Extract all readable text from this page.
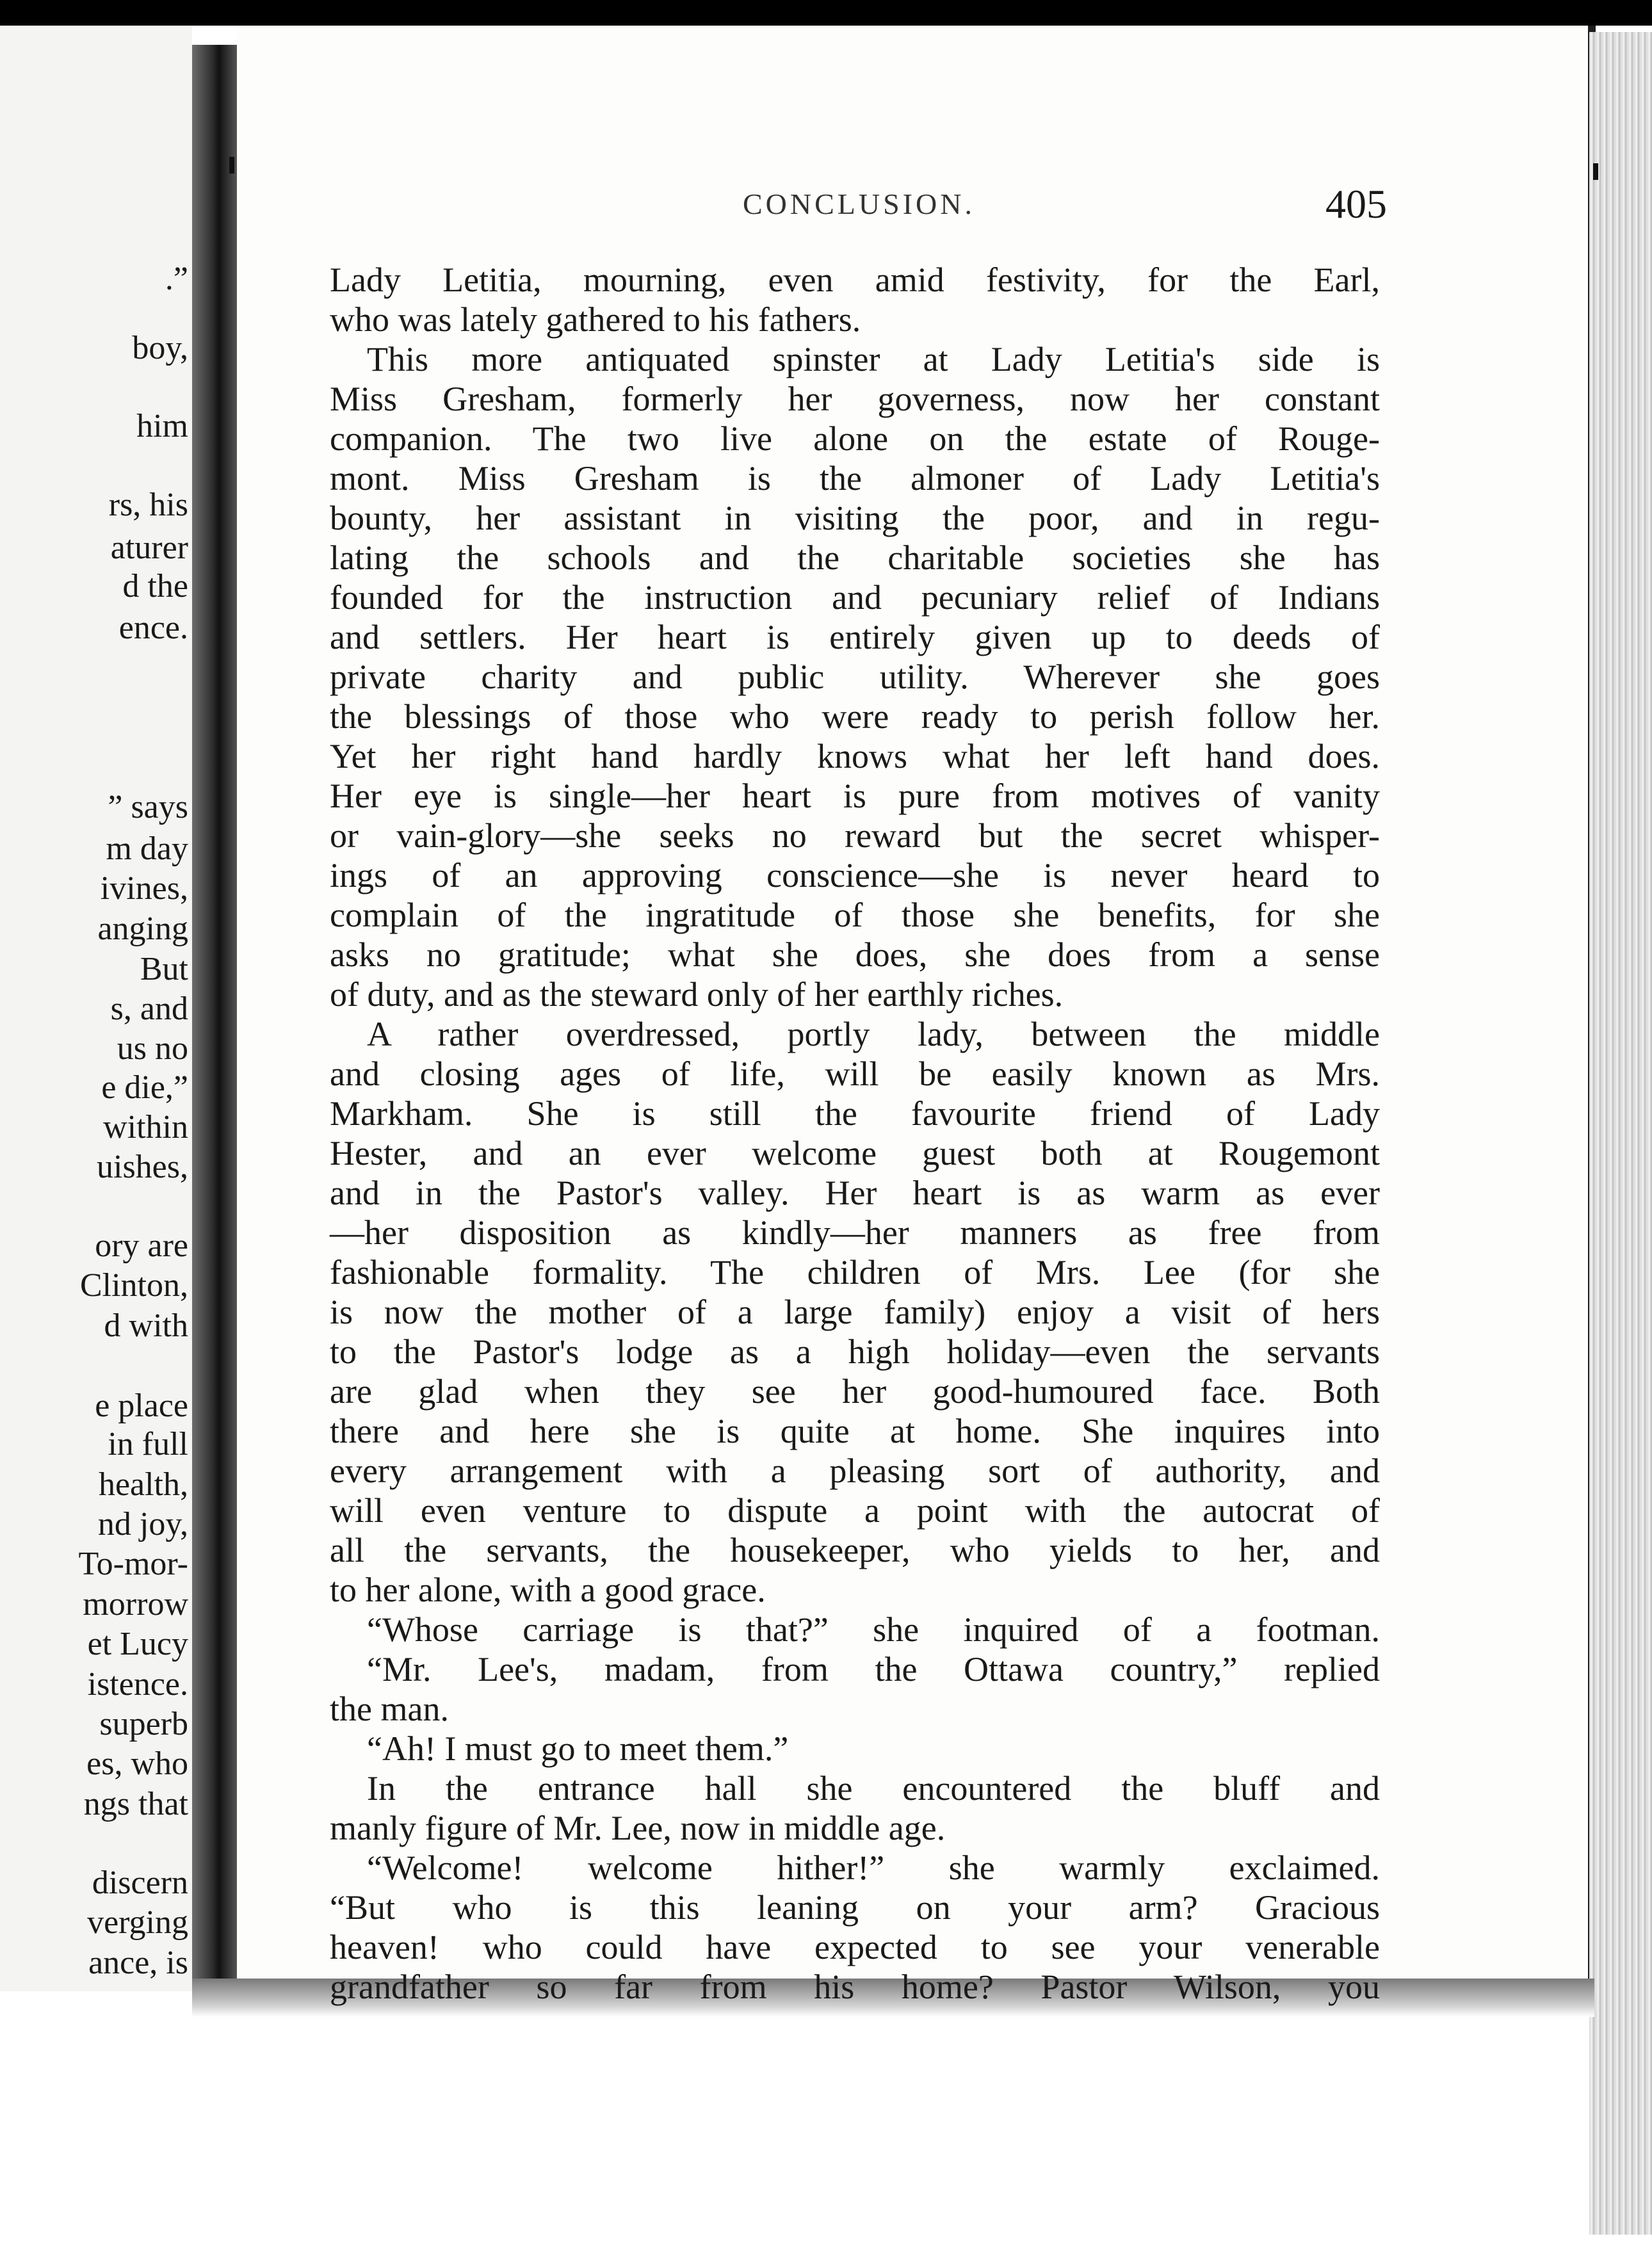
.”

boy,

him

rs, his

aturer

d the

ence.

” says

m day

ivines,

anging

But

s, and

us no

e die,”

within

uishes,

ory are

Clinton,

d with

e place

in full

health,

nd joy,

To-mor-

morrow

et Lucy

istence.

superb

es, who

ngs that

discern

verging

ance, is

CONCLUSION.	405

Lady Letitia, mourning, even amid festivity, for the Earl,

who was lately gathered to his fathers.

This more antiquated spinster at Lady Letitia's side is

Miss Gresham, formerly her governess, now her constant

companion. The two live alone on the estate of Rouge-

mont. Miss Gresham is the almoner of Lady Letitia's

bounty, her assistant in visiting the poor, and in regu-

lating the schools and the charitable societies she has

founded for the instruction and pecuniary relief of Indians

and settlers. Her heart is entirely given up to deeds of

private charity and public utility. Wherever she goes

the blessings of those who were ready to perish follow her.

Yet her right hand hardly knows what her left hand does.

Her eye is single—her heart is pure from motives of vanity

or vain-glory—she seeks no reward but the secret whisper-

ings of an approving conscience—she is never heard to

complain of the ingratitude of those she benefits, for she

asks no gratitude; what she does, she does from a sense

of duty, and as the steward only of her earthly riches.

A rather overdressed, portly lady, between the middle

and closing ages of life, will be easily known as Mrs.

Markham. She is still the favourite friend of Lady

Hester, and an ever welcome guest both at Rougemont

and in the Pastor's valley. Her heart is as warm as ever

—her disposition as kindly—her manners as free from

fashionable formality. The children of Mrs. Lee (for she

is now the mother of a large family) enjoy a visit of hers

to the Pastor's lodge as a high holiday—even the servants

are glad when they see her good-humoured face. Both

there and here she is quite at home. She inquires into

every arrangement with a pleasing sort of authority, and

will even venture to dispute a point with the autocrat of

all the servants, the housekeeper, who yields to her, and

to her alone, with a good grace.

“Whose carriage is that?” she inquired of a footman.

“Mr. Lee's, madam, from the Ottawa country,” replied

the man.

“Ah! I must go to meet them.”

In the entrance hall she encountered the bluff and

manly figure of Mr. Lee, now in middle age.

“Welcome! welcome hither!” she warmly exclaimed.

“But who is this leaning on your arm? Gracious

heaven! who could have expected to see your venerable

grandfather so far from his home? Pastor Wilson, you
